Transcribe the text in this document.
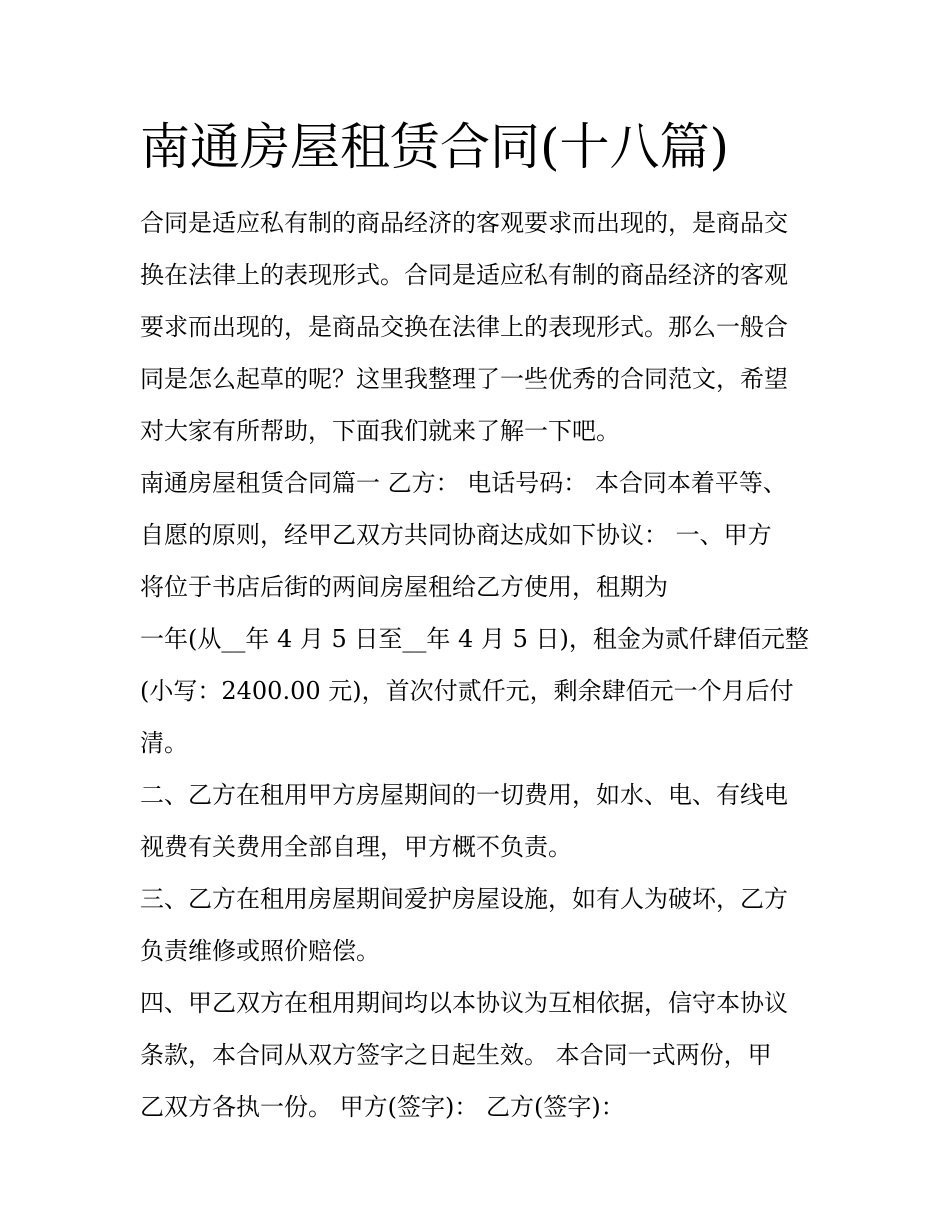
南通房屋租赁合同(十八篇)
合同是适应私有制的商品经济的客观要求而出现的，是商品交
换在法律上的表现形式。合同是适应私有制的商品经济的客观
要求而出现的，是商品交换在法律上的表现形式。那么一般合
同是怎么起草的呢？这里我整理了一些优秀的合同范文，希望
对大家有所帮助，下面我们就来了解一下吧。
南通房屋租赁合同篇一 乙方： 电话号码： 本合同本着平等、
自愿的原则，经甲乙双方共同协商达成如下协议： 一、甲方
将位于书店后街的两间房屋租给乙方使用，租期为
一年(从__年 4 月 5 日至__年 4 月 5 日)，租金为贰仟肆佰元整
(小写：2400.00 元)，首次付贰仟元，剩余肆佰元一个月后付
清。
二、乙方在租用甲方房屋期间的一切费用，如水、电、有线电
视费有关费用全部自理，甲方概不负责。
三、乙方在租用房屋期间爱护房屋设施，如有人为破坏，乙方
负责维修或照价赔偿。
四、甲乙双方在租用期间均以本协议为互相依据，信守本协议
条款，本合同从双方签字之日起生效。 本合同一式两份，甲
乙双方各执一份。 甲方(签字)： 乙方(签字)：
